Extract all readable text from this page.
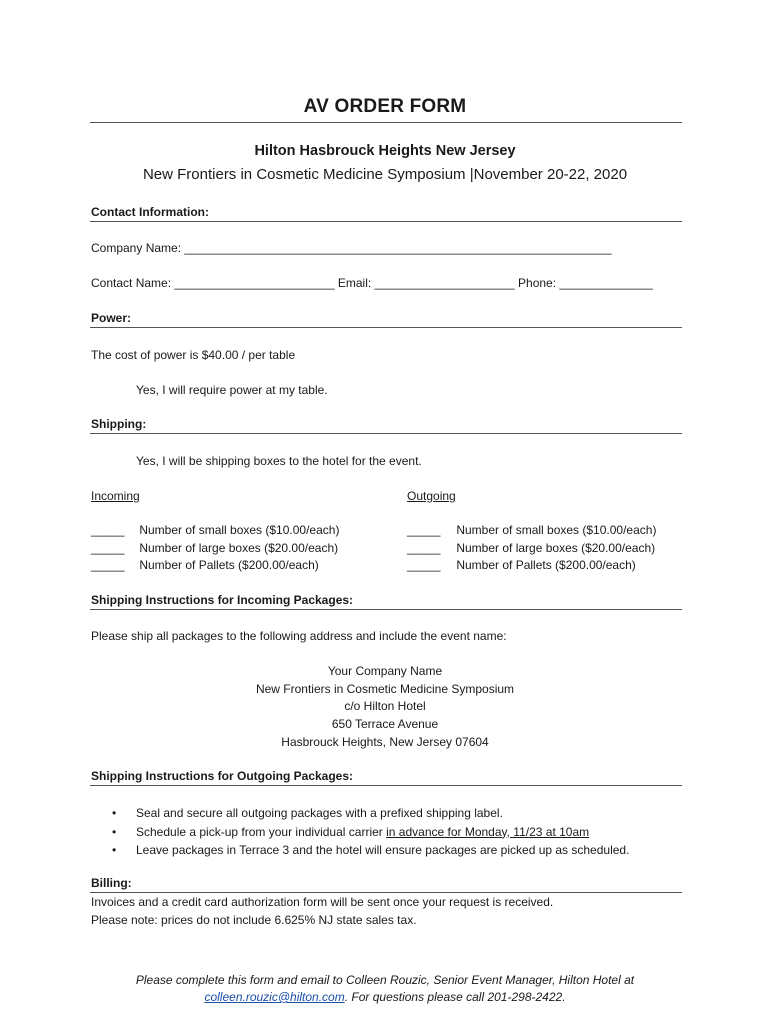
AV ORDER FORM
Hilton Hasbrouck Heights New Jersey
New Frontiers in Cosmetic Medicine Symposium |November 20-22, 2020
Contact Information:
Company Name: ________________________________________________________________
Contact Name: ________________________ Email: _____________________ Phone: ______________
Power:
The cost of power is $40.00 / per table
Yes, I will require power at my table.
Shipping:
Yes, I will be shipping boxes to the hotel for the event.
Incoming	Outgoing
_____ Number of small boxes ($10.00/each)
_____ Number of large boxes ($20.00/each)
_____ Number of Pallets ($200.00/each)
_____ Number of small boxes ($10.00/each)
_____ Number of large boxes ($20.00/each)
_____ Number of Pallets ($200.00/each)
Shipping Instructions for Incoming Packages:
Please ship all packages to the following address and include the event name:
Your Company Name
New Frontiers in Cosmetic Medicine Symposium
c/o Hilton Hotel
650 Terrace Avenue
Hasbrouck Heights, New Jersey 07604
Shipping Instructions for Outgoing Packages:
• Seal and secure all outgoing packages with a prefixed shipping label.
• Schedule a pick-up from your individual carrier in advance for Monday, 11/23 at 10am
• Leave packages in Terrace 3 and the hotel will ensure packages are picked up as scheduled.
Billing:
Invoices and a credit card authorization form will be sent once your request is received.
Please note: prices do not include 6.625% NJ state sales tax.
Please complete this form and email to Colleen Rouzic, Senior Event Manager, Hilton Hotel at
colleen.rouzic@hilton.com. For questions please call 201-298-2422.
